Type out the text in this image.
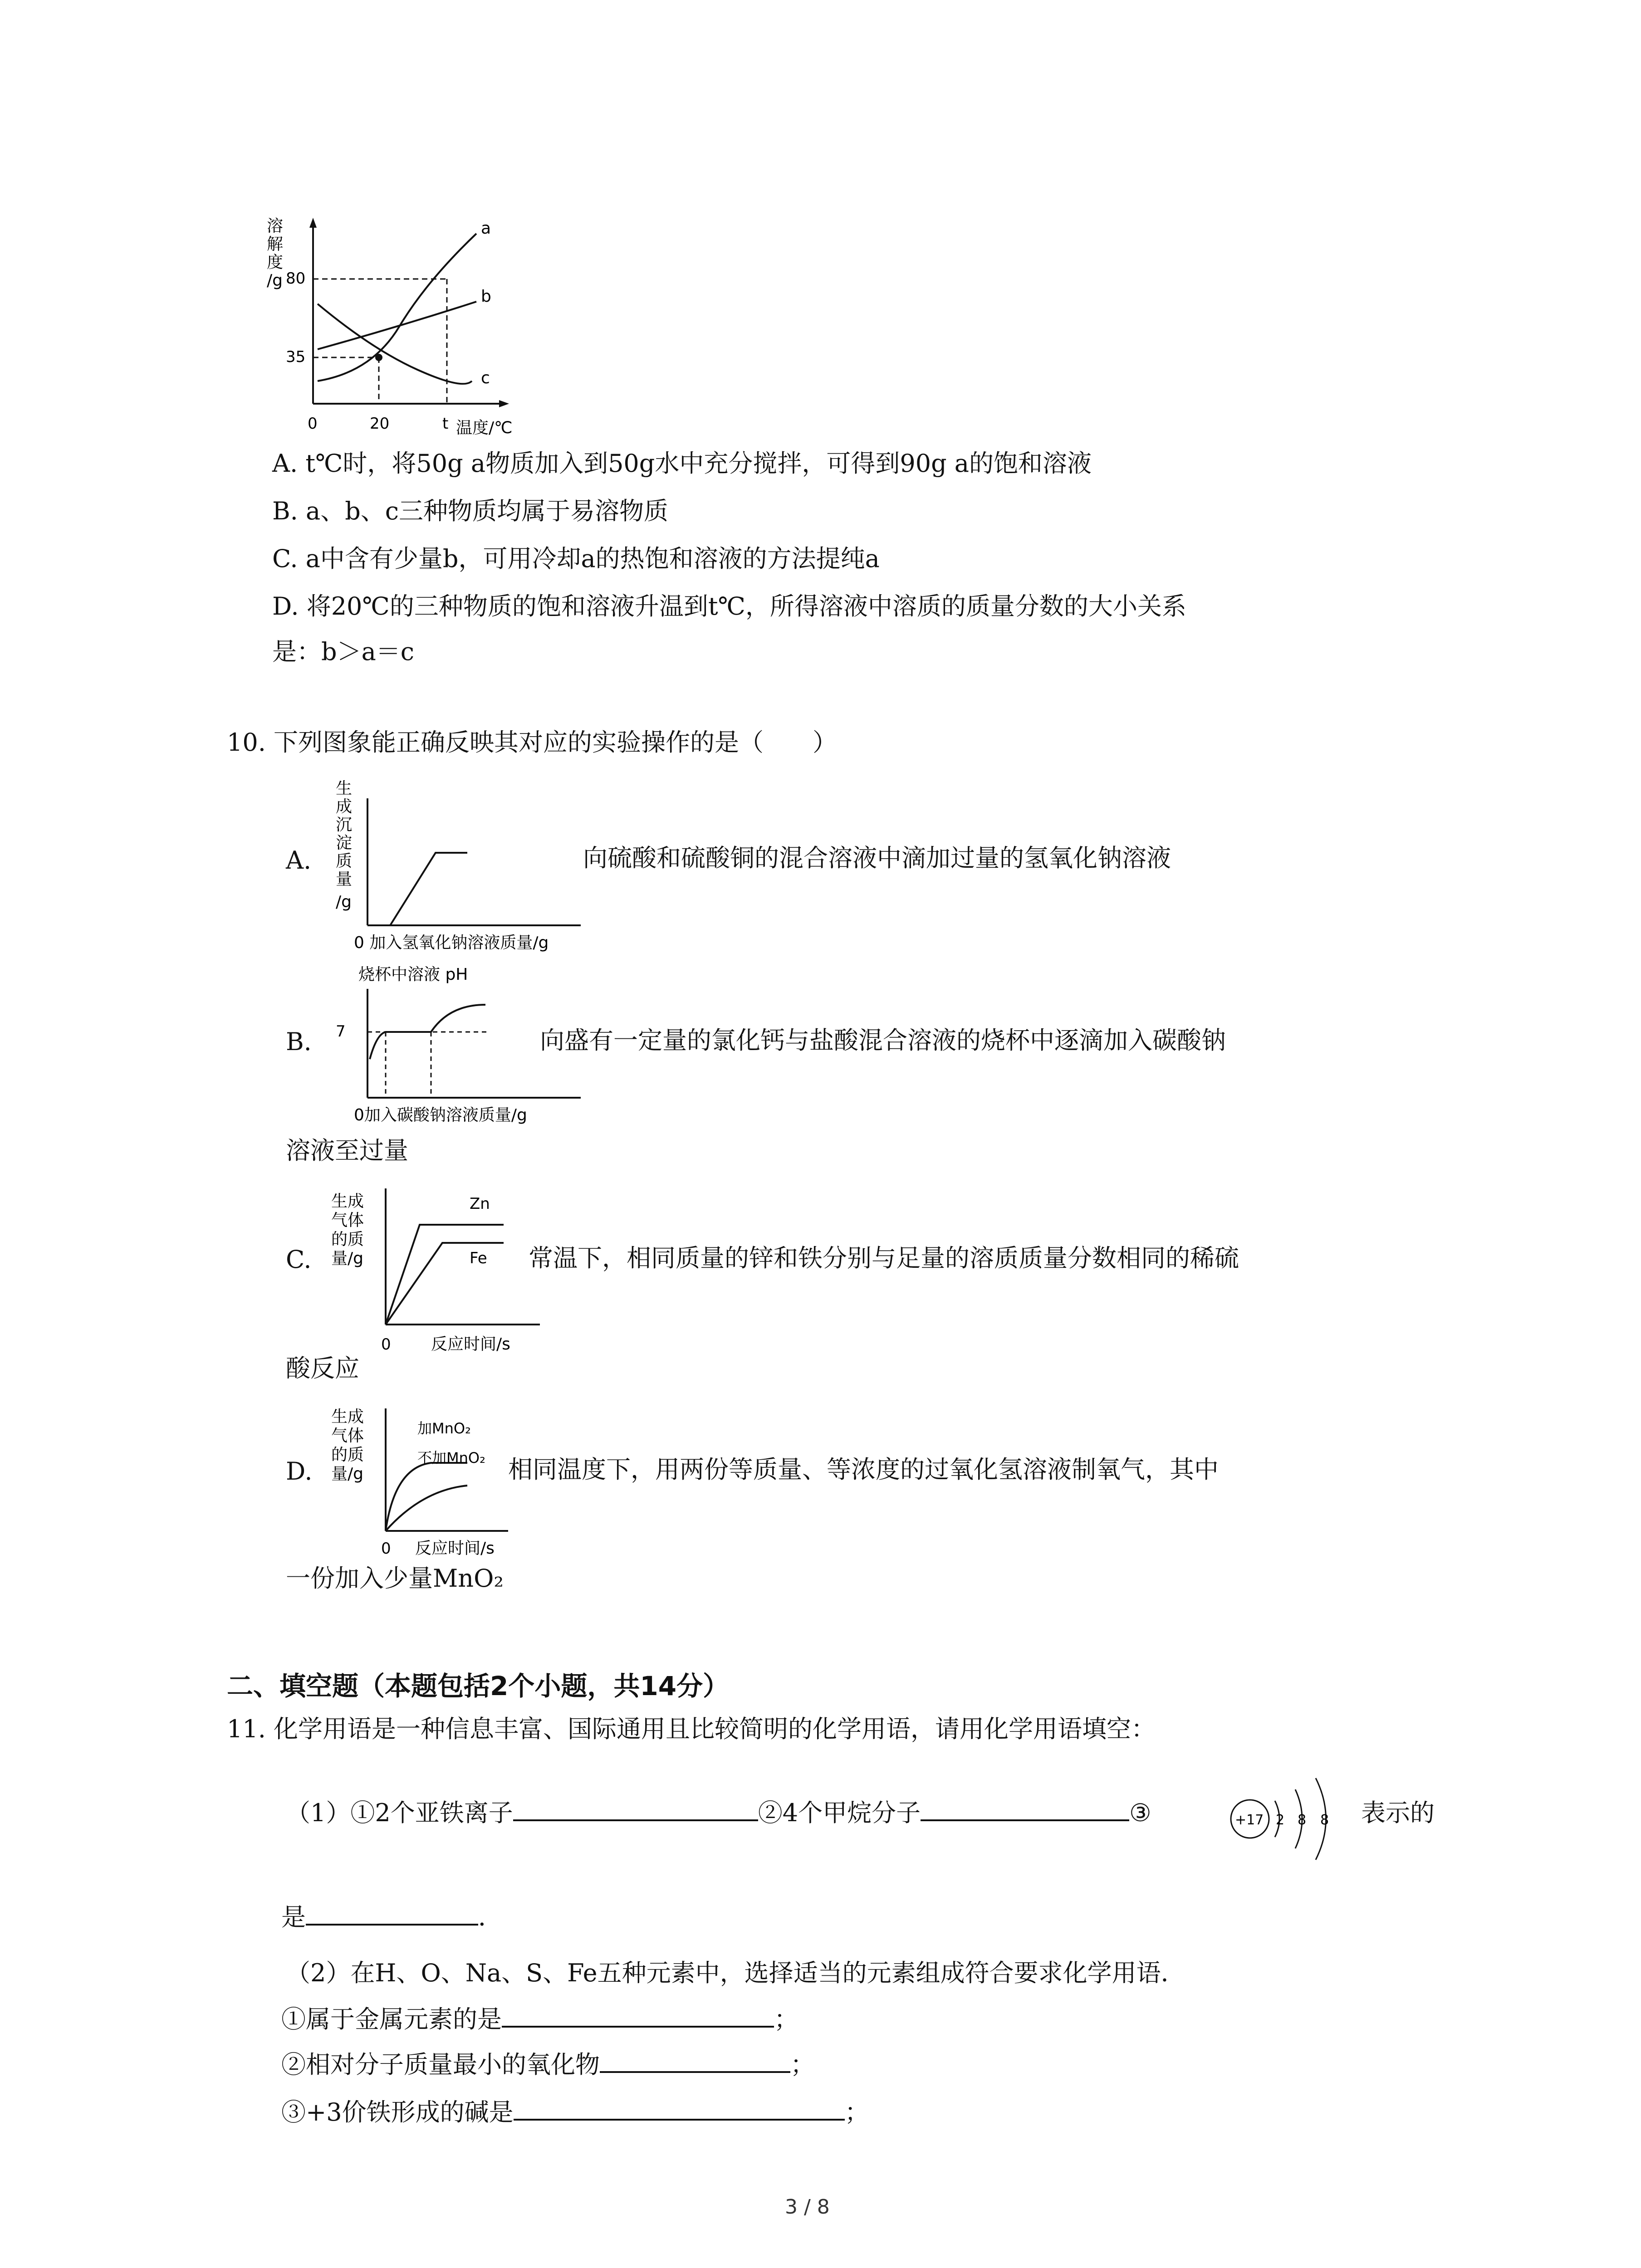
溶
解
度
/g 80
35
0	20	t 温度/℃
a
b
c
A. t℃时，将50g a物质加入到50g水中充分搅拌，可得到90g a的饱和溶液
B. a、b、c三种物质均属于易溶物质
C. a中含有少量b，可用冷却a的热饱和溶液的方法提纯a
D. 将20℃的三种物质的饱和溶液升温到t℃，所得溶液中溶质的质量分数的大小关系
是：b＞a＝c
10. 下列图象能正确反映其对应的实验操作的是（　　）
A.
生
成
沉
淀
质
量
/g
0 加入氢氧化钠溶液质量/g
向硫酸和硫酸铜的混合溶液中滴加过量的氢氧化钠溶液
B.
烧杯中溶液 pH
7
0加入碳酸钠溶液质量/g
向盛有一定量的氯化钙与盐酸混合溶液的烧杯中逐滴加入碳酸钠
溶液至过量
C.
生成
气体
的质
量/g
Zn
Fe
0 反应时间/s
常温下，相同质量的锌和铁分别与足量的溶质质量分数相同的稀硫
酸反应
D.
生成
气体
的质
量/g
加MnO₂
不加MnO₂
0 反应时间/s
相同温度下，用两份等质量、等浓度的过氧化氢溶液制氧气，其中
一份加入少量MnO₂
二、填空题（本题包括2个小题，共14分）
11. 化学用语是一种信息丰富、国际通用且比较简明的化学用语，请用化学用语填空：
（1）①2个亚铁离子	②4个甲烷分子	③	+17 2 8 8 表示的
是	．
（2）在H、O、Na、S、Fe五种元素中，选择适当的元素组成符合要求化学用语．
①属于金属元素的是	；
②相对分子质量最小的氧化物	；
③+3价铁形成的碱是	；
3 / 8
